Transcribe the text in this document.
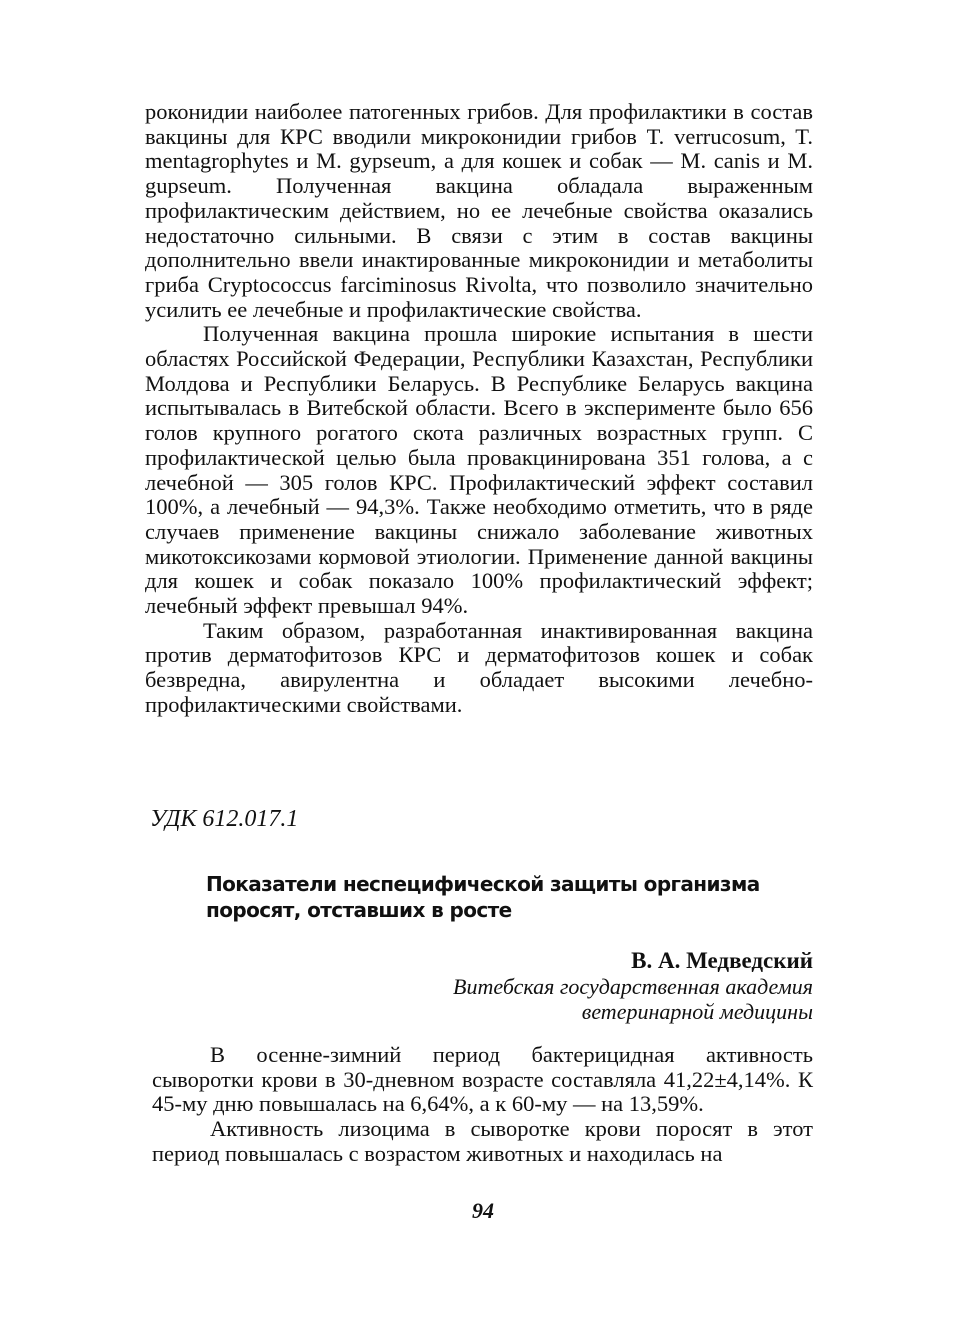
роконидии наиболее патогенных грибов. Для профилактики в состав вакцины для КРС вводили микроконидии грибов T. verrucosum, T. mentagrophytes и M. gypseum, а для кошек и собак — M. canis и M. gupseum. Полученная вакцина обладала выраженным профилактическим действием, но ее лечебные свойства оказались недостаточно сильными. В связи с этим в состав вакцины дополнительно ввели инактированные микроконидии и метаболиты гриба Cryptococcus farciminosus Rivolta, что позволило значительно усилить ее лечебные и профилактические свойства.

Полученная вакцина прошла широкие испытания в шести областях Российской Федерации, Республики Казахстан, Республики Молдова и Республики Беларусь. В Республике Беларусь вакцина испытывалась в Витебской области. Всего в эксперименте было 656 голов крупного рогатого скота различных возрастных групп. С профилактической целью была провакцинирована 351 голова, а с лечебной — 305 голов КРС. Профилактический эффект составил 100%, а лечебный — 94,3%. Также необходимо отметить, что в ряде случаев применение вакцины снижало заболевание животных микотоксикозами кормовой этиологии. Применение данной вакцины для кошек и собак показало 100% профилактический эффект; лечебный эффект превышал 94%.

Таким образом, разработанная инактивированная вакцина против дерматофитозов КРС и дерматофитозов кошек и собак безвредна, авирулентна и обладает высокими лечебно-профилактическими свойствами.

УДК 612.017.1

Показатели неспецифической защиты организма поросят, отставших в росте

В. А. Медведский

Витебская государственная академия

ветеринарной медицины

В осенне-зимний период бактерицидная активность сыворотки крови в 30-дневном возрасте составляла 41,22±4,14%. К 45-му дню повышалась на 6,64%, а к 60-му — на 13,59%.

Активность лизоцима в сыворотке крови поросят в этот период повышалась с возрастом животных и находилась на

94
